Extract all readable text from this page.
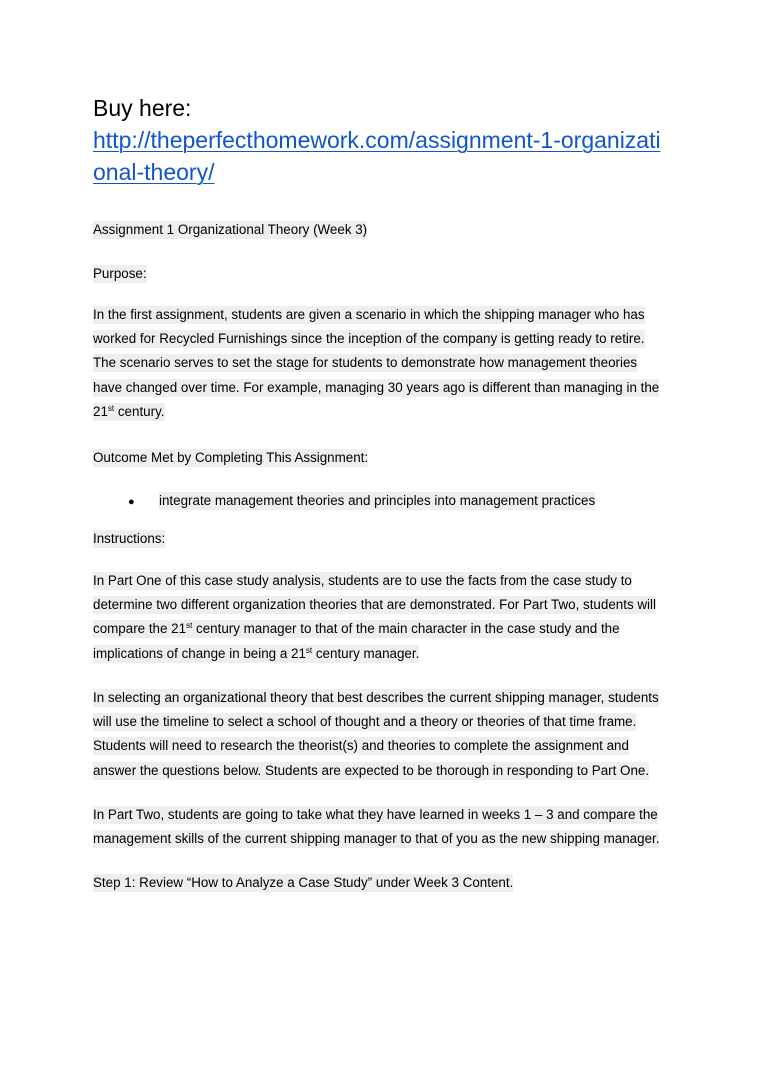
Buy here:
http://theperfecthomework.com/assignment-1-organizati
onal-theory/
Assignment 1 Organizational Theory (Week 3)
Purpose:
In the first assignment, students are given a scenario in which the shipping manager who has
worked for Recycled Furnishings since the inception of the company is getting ready to retire.
The scenario serves to set the stage for students to demonstrate how management theories
have changed over time. For example, managing 30 years ago is different than managing in the
21st century.
Outcome Met by Completing This Assignment:
● integrate management theories and principles into management practices
Instructions:
In Part One of this case study analysis, students are to use the facts from the case study to
determine two different organization theories that are demonstrated. For Part Two, students will
compare the 21st century manager to that of the main character in the case study and the
implications of change in being a 21st century manager.
In selecting an organizational theory that best describes the current shipping manager, students
will use the timeline to select a school of thought and a theory or theories of that time frame.
Students will need to research the theorist(s) and theories to complete the assignment and
answer the questions below. Students are expected to be thorough in responding to Part One.
In Part Two, students are going to take what they have learned in weeks 1 – 3 and compare the
management skills of the current shipping manager to that of you as the new shipping manager.
Step 1: Review “How to Analyze a Case Study” under Week 3 Content.
